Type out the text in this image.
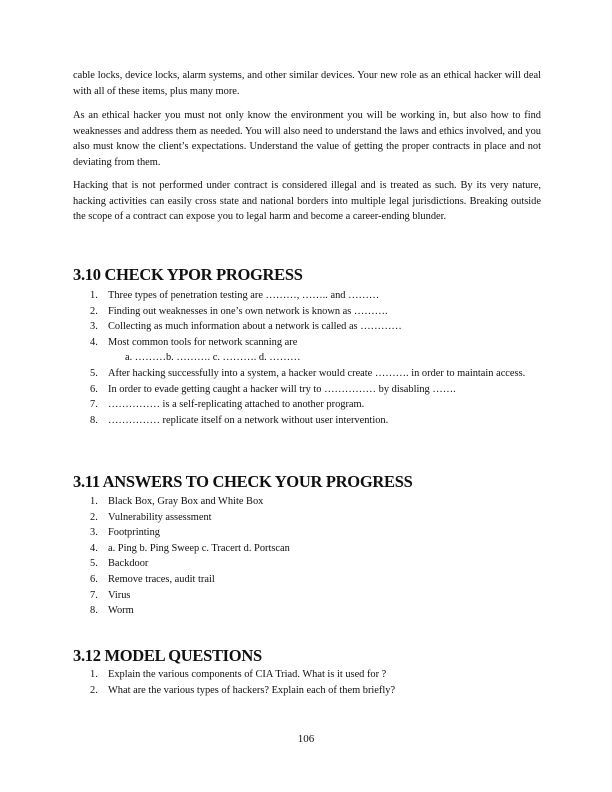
cable locks, device locks, alarm systems, and other similar devices. Your new role as an ethical hacker will deal with all of these items, plus many more.

As an ethical hacker you must not only know the environment you will be working in, but also how to find weaknesses and address them as needed. You will also need to understand the laws and ethics involved, and you also must know the client’s expectations. Understand the value of getting the proper contracts in place and not deviating from them.

Hacking that is not performed under contract is considered illegal and is treated as such. By its very nature, hacking activities can easily cross state and national borders into multiple legal jurisdictions. Breaking outside the scope of a contract can expose you to legal harm and become a career-ending blunder.

3.10 CHECK YPOR PROGRESS
1. Three types of penetration testing are ………, …….. and ………
2. Finding out weaknesses in one’s own network is known as ……….
3. Collecting as much information about a network is called as …………
4. Most common tools for network scanning are
a. ………b. ………. c. ………. d. ………
5. After hacking successfully into a system, a hacker would create ………. in order to maintain access.
6. In order to evade getting caught a hacker will try to …………… by disabling …….
7. …………… is a self-replicating attached to another program.
8. …………… replicate itself on a network without user intervention.
3.11 ANSWERS TO CHECK YOUR PROGRESS
1. Black Box, Gray Box and White Box
2. Vulnerability assessment
3. Footprinting
4. a. Ping b. Ping Sweep c. Tracert d. Portscan
5. Backdoor
6. Remove traces, audit trail
7. Virus
8. Worm
3.12 MODEL QUESTIONS
1. Explain the various components of CIA Triad. What is it used for ?
2. What are the various types of hackers? Explain each of them briefly?
106
